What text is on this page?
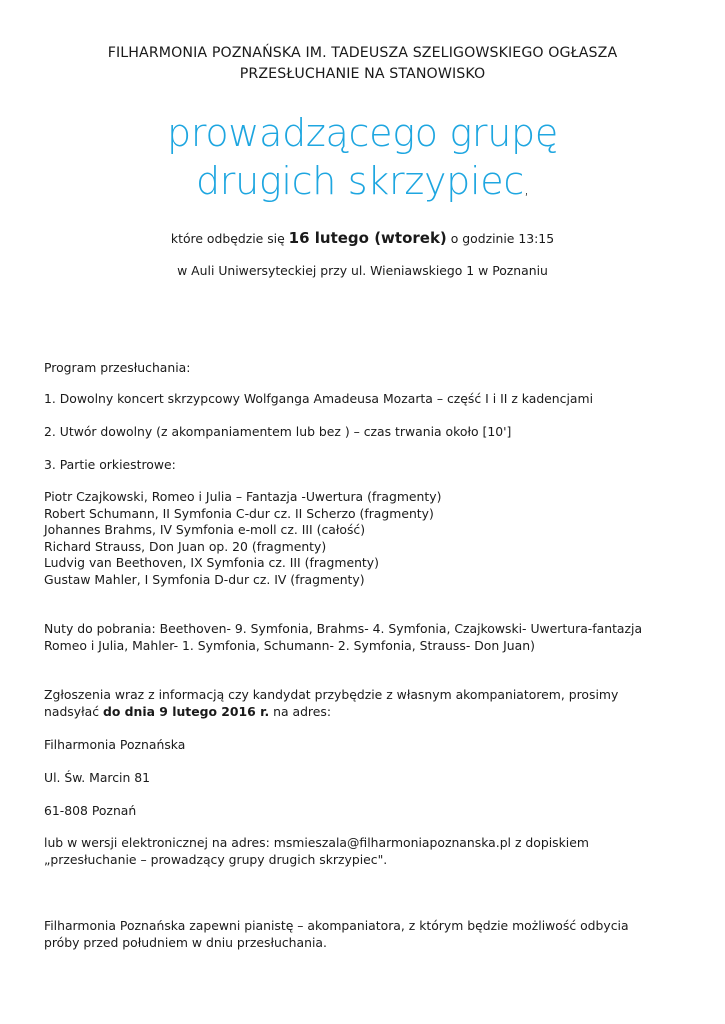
FILHARMONIA POZNAŃSKA IM. TADEUSZA SZELIGOWSKIEGO OGŁASZA
PRZESŁUCHANIE NA STANOWISKO
prowadzącego grupę
drugich skrzypiec,
które odbędzie się 16 lutego (wtorek) o godzinie 13:15
w Auli Uniwersyteckiej przy ul. Wieniawskiego 1 w Poznaniu
Program przesłuchania:
1. Dowolny koncert skrzypcowy Wolfganga Amadeusa Mozarta – część I i II z kadencjami
2. Utwór dowolny (z akompaniamentem lub bez ) – czas trwania około [10']
3. Partie orkiestrowe:
Piotr Czajkowski, Romeo i Julia – Fantazja -Uwertura (fragmenty)
Robert Schumann, II Symfonia C-dur cz. II Scherzo (fragmenty)
Johannes Brahms, IV Symfonia e-moll cz. III (całość)
Richard Strauss, Don Juan op. 20 (fragmenty)
Ludvig van Beethoven, IX Symfonia cz. III (fragmenty)
Gustaw Mahler, I Symfonia D-dur cz. IV (fragmenty)
Nuty do pobrania: Beethoven- 9. Symfonia, Brahms- 4. Symfonia, Czajkowski- Uwertura-fantazja
Romeo i Julia, Mahler- 1. Symfonia, Schumann- 2. Symfonia, Strauss- Don Juan)
Zgłoszenia wraz z informacją czy kandydat przybędzie z własnym akompaniatorem, prosimy
nadsyłać do dnia 9 lutego 2016 r. na adres:
Filharmonia Poznańska
Ul. Św. Marcin 81
61-808 Poznań
lub w wersji elektronicznej na adres: msmieszala@filharmoniapoznanska.pl z dopiskiem
„przesłuchanie – prowadzący grupy drugich skrzypiec".
Filharmonia Poznańska zapewni pianistę – akompaniatora, z którym będzie możliwość odbycia
próby przed południem w dniu przesłuchania.
